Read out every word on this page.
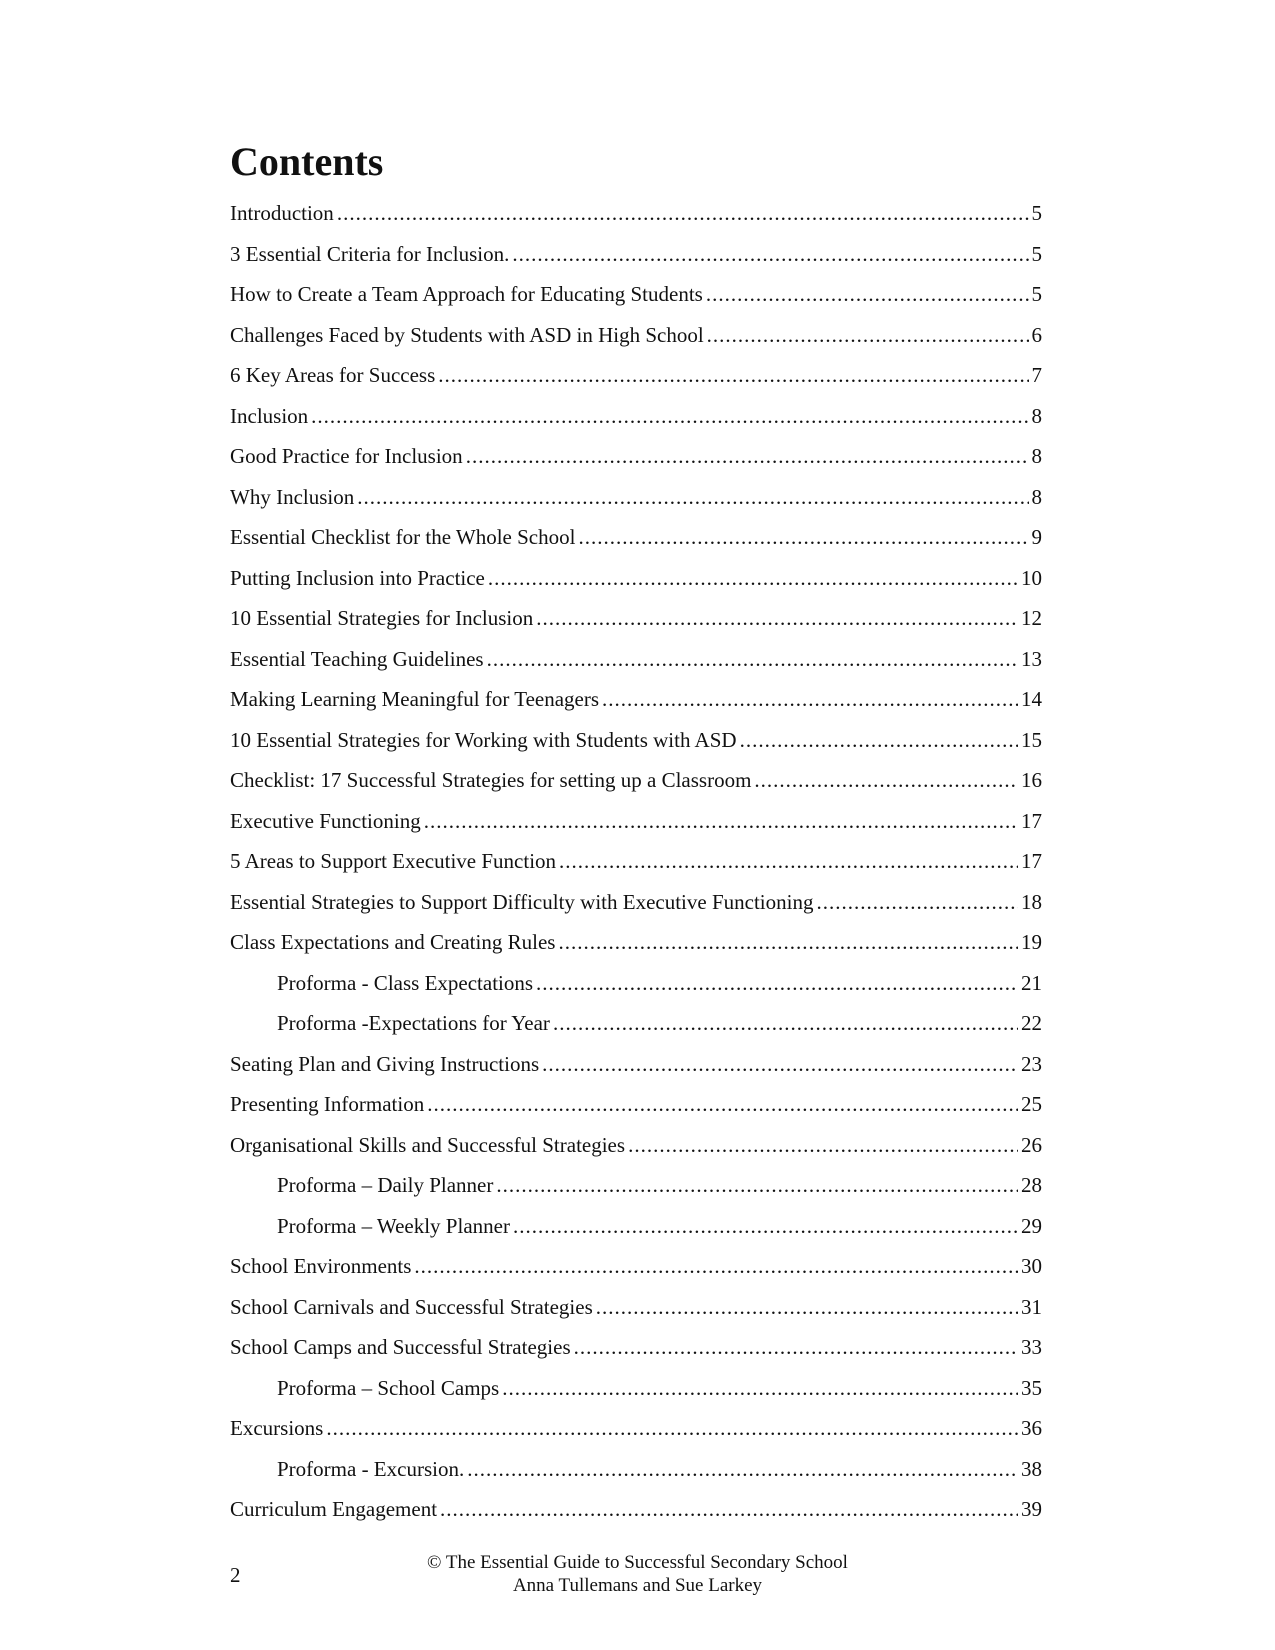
Contents
Introduction .....	5
3 Essential Criteria for Inclusion. .....	5
How to Create a Team Approach for Educating Students .....	5
Challenges Faced by Students with ASD in High School .....	6
6 Key Areas for Success .....	7
Inclusion .....	8
Good Practice for Inclusion .....	8
Why Inclusion .....	8
Essential Checklist for the Whole School .....	9
Putting Inclusion into Practice .....	10
10 Essential Strategies for Inclusion .....	12
Essential Teaching Guidelines .....	13
Making Learning Meaningful for Teenagers .....	14
10 Essential Strategies for Working with Students with ASD .....	15
Checklist: 17 Successful Strategies for setting up a Classroom .....	16
Executive Functioning .....	17
5 Areas to Support Executive Function .....	17
Essential Strategies to Support Difficulty with Executive Functioning .....	18
Class Expectations and Creating Rules .....	19
Proforma - Class Expectations .....	21
Proforma -Expectations for Year .....	22
Seating Plan and Giving Instructions .....	23
Presenting Information .....	25
Organisational Skills and Successful Strategies .....	26
Proforma – Daily Planner .....	28
Proforma – Weekly Planner .....	29
School Environments .....	30
School Carnivals and Successful Strategies .....	31
School Camps and Successful Strategies .....	33
Proforma – School Camps .....	35
Excursions .....	36
Proforma - Excursion. .....	38
Curriculum Engagement .....	39
2
© The Essential Guide to Successful Secondary School
Anna Tullemans and Sue Larkey
